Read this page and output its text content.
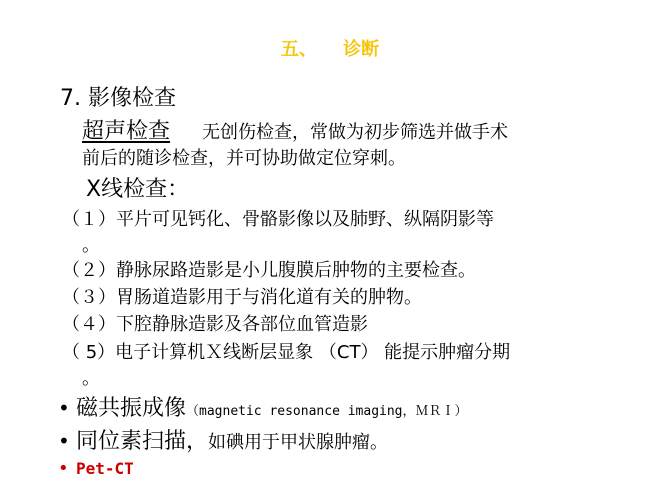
五、 诊断
7. 影像检查
超声检查 无创伤检查，常做为初步筛选并做手术
前后的随诊检查，并可协助做定位穿刺。
X线检查：
（１）平片可见钙化、骨骼影像以及肺野、纵隔阴影等
。
（２）静脉尿路造影是小儿腹膜后肿物的主要检查。
（３）胃肠道造影用于与消化道有关的肿物。
（４）下腔静脉造影及各部位血管造影
（ 5）电子计算机Ｘ线断层显象 （CT） 能提示肿瘤分期
。
• 磁共振成像（magnetic resonance imaging，ＭＲＩ）
• 同位素扫描，如碘用于甲状腺肿瘤。
• Pet-CT
